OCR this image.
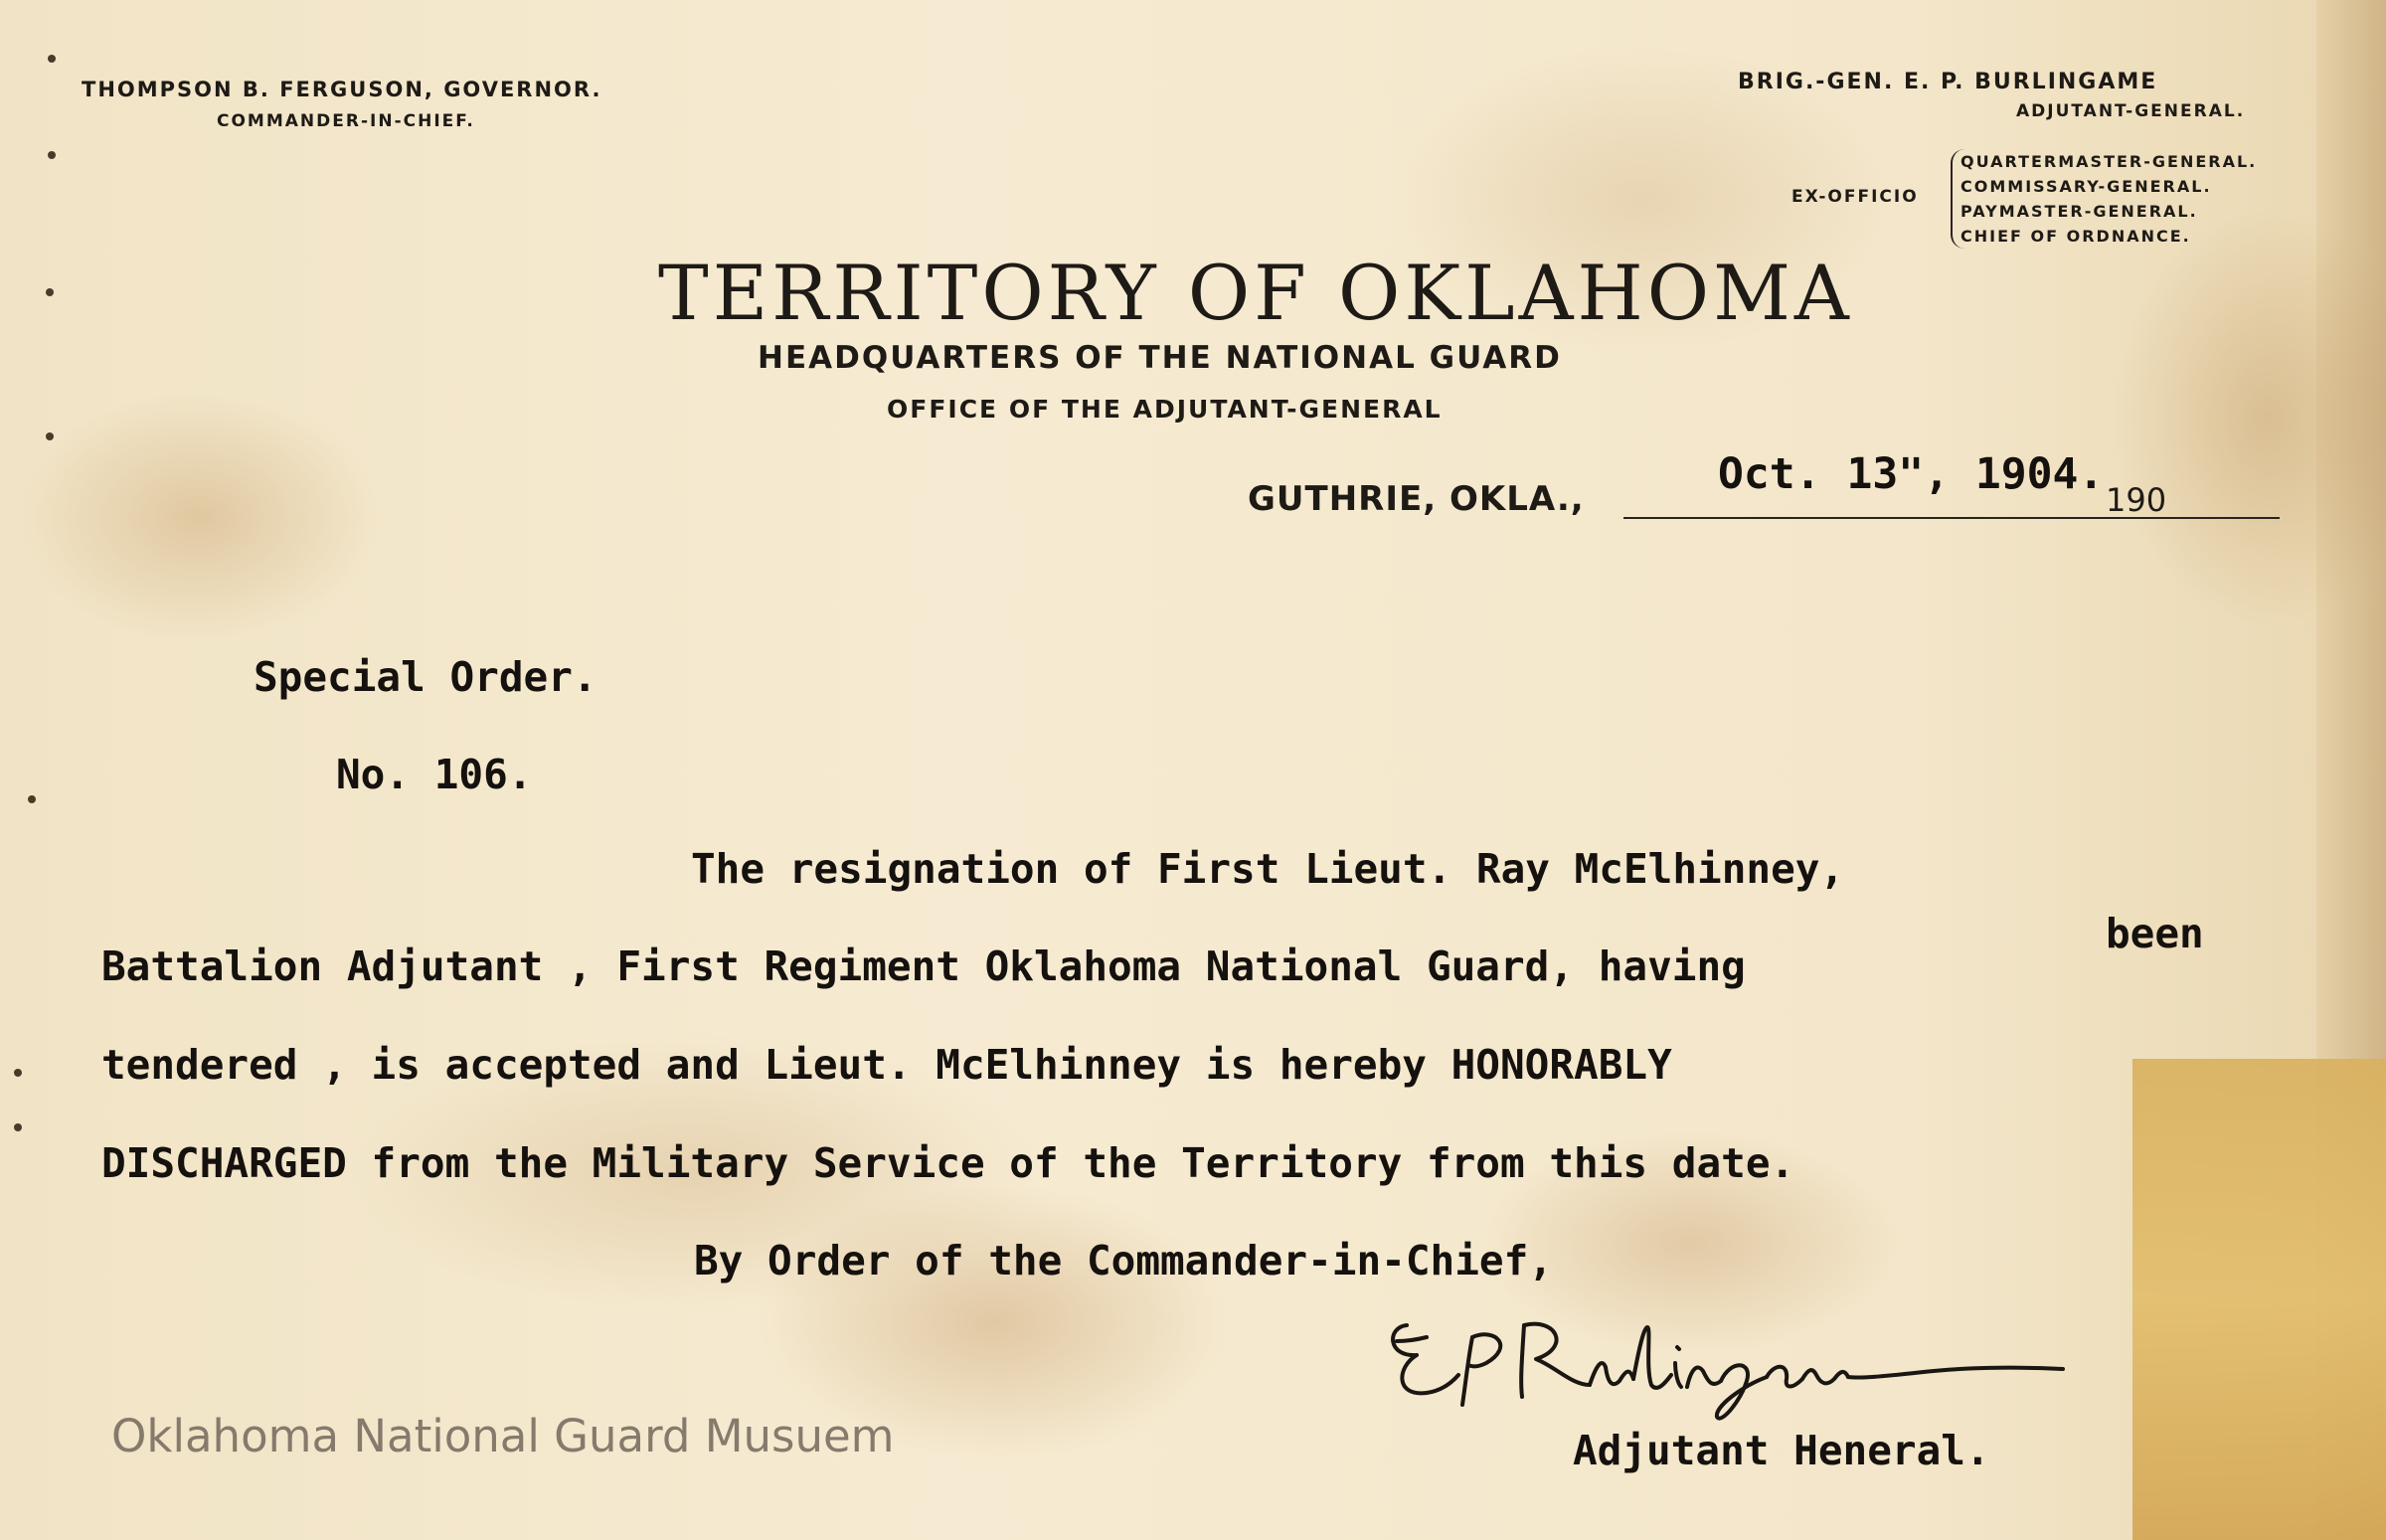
THOMPSON B. FERGUSON, GOVERNOR.
COMMANDER-IN-CHIEF.
BRIG.-GEN. E. P. BURLINGAME
ADJUTANT-GENERAL.
EX-OFFICIO
QUARTERMASTER-GENERAL.
COMMISSARY-GENERAL.
PAYMASTER-GENERAL.
CHIEF OF ORDNANCE.
TERRITORY OF OKLAHOMA
HEADQUARTERS OF THE NATIONAL GUARD
OFFICE OF THE ADJUTANT-GENERAL
GUTHRIE, OKLA.,	190
Oct. 13", 1904.
Special Order.
No. 106.
The resignation of First Lieut. Ray McElhinney,
been
Battalion Adjutant , First Regiment Oklahoma National Guard, having
tendered , is accepted and Lieut. McElhinney is hereby HONORABLY
DISCHARGED from the Military Service of the Territory from this date.
By Order of the Commander-in-Chief,
Adjutant Heneral.
Oklahoma National Guard Musuem
